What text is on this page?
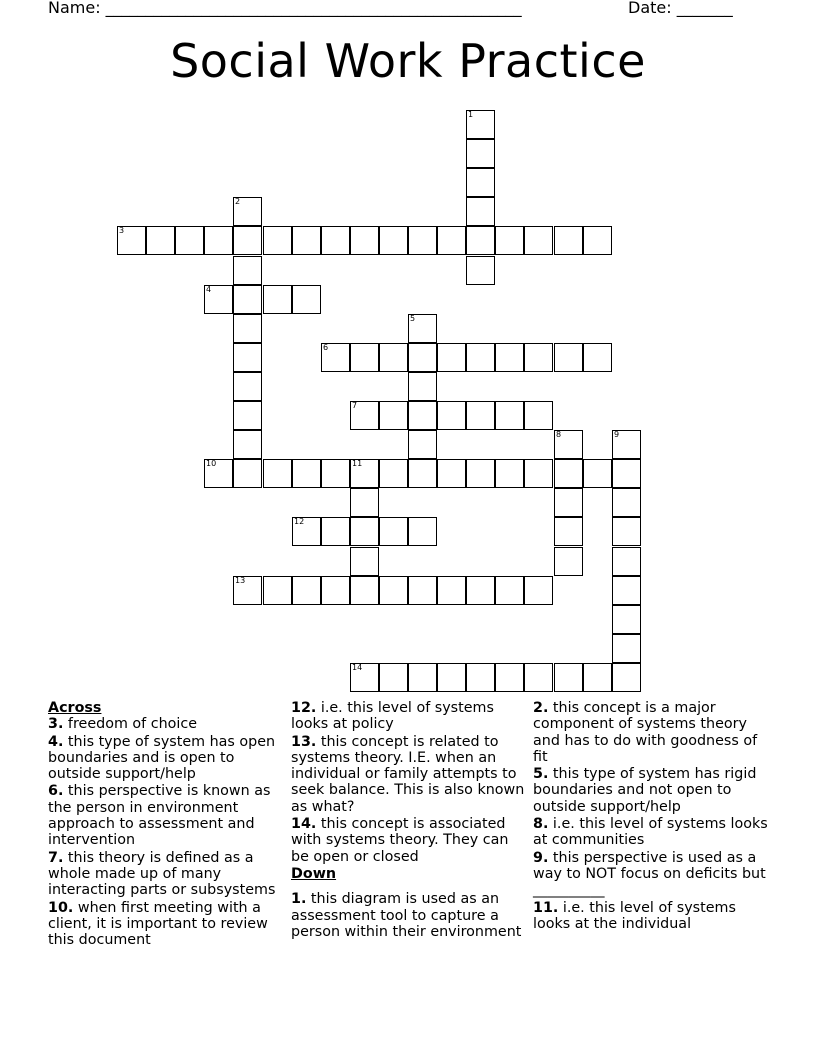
Name: ____________________________________________________	Date: _______
Social Work Practice
1
2
3
4
5
6
7
8	9
10	11
12
13
14
Across
3. freedom of choice
4. this type of system has open boundaries and is open to outside support/help
6. this perspective is known as the person in environment approach to assessment and intervention
7. this theory is defined as a whole made up of many interacting parts or subsystems
10. when first meeting with a client, it is important to review this document
12. i.e. this level of systems looks at policy
13. this concept is related to systems theory. I.E. when an individual or family attempts to seek balance. This is also known as what?
14. this concept is associated with systems theory. They can be open or closed
Down
1. this diagram is used as an assessment tool to capture a person within their environment
2. this concept is a major component of systems theory and has to do with goodness of fit
5. this type of system has rigid boundaries and not open to outside support/help
8. i.e. this level of systems looks at communities
9. this perspective is used as a way to NOT focus on deficits but __________
11. i.e. this level of systems looks at the individual
